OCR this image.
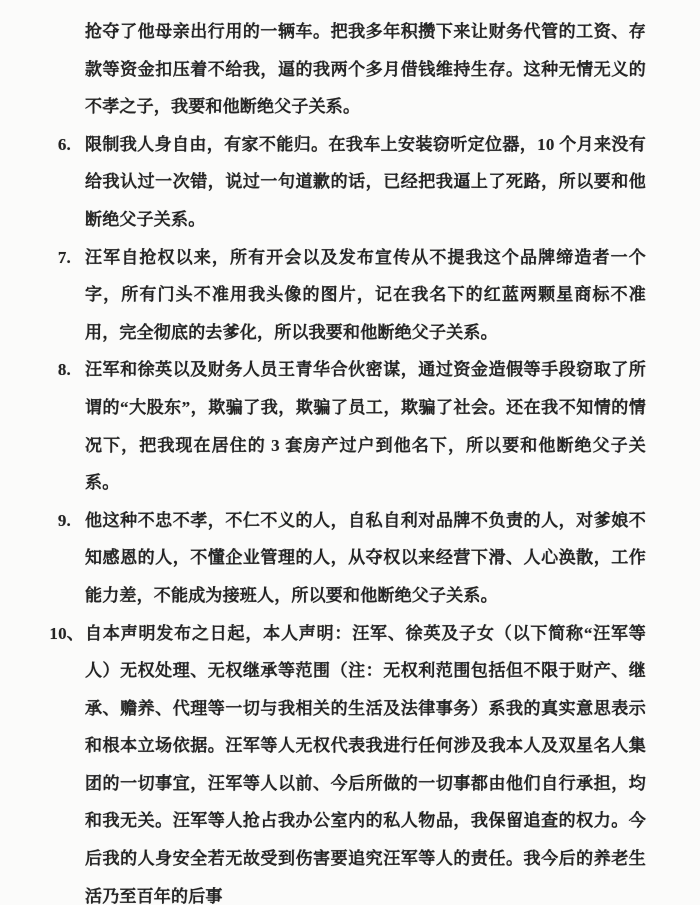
抢夺了他母亲出行用的一辆车。把我多年积攒下来让财务代管的工资、存款等资金扣压着不给我，逼的我两个多月借钱维持生存。这种无情无义的不孝之子，我要和他断绝父子关系。

6. 限制我人身自由，有家不能归。在我车上安装窃听定位器，10 个月来没有给我认过一次错，说过一句道歉的话，已经把我逼上了死路，所以要和他断绝父子关系。

7. 汪军自抢权以来，所有开会以及发布宣传从不提我这个品牌缔造者一个字，所有门头不准用我头像的图片，记在我名下的红蓝两颗星商标不准用，完全彻底的去爹化，所以我要和他断绝父子关系。

8. 汪军和徐英以及财务人员王青华合伙密谋，通过资金造假等手段窃取了所谓的“大股东”，欺骗了我，欺骗了员工，欺骗了社会。还在我不知情的情况下，把我现在居住的 3 套房产过户到他名下，所以要和他断绝父子关系。

9. 他这种不忠不孝，不仁不义的人，自私自利对品牌不负责的人，对爹娘不知感恩的人，不懂企业管理的人，从夺权以来经营下滑、人心涣散，工作能力差，不能成为接班人，所以要和他断绝父子关系。

10、 自本声明发布之日起，本人声明：汪军、徐英及子女（以下简称“汪军等人）无权处理、无权继承等范围（注：无权利范围包括但不限于财产、继承、赡养、代理等一切与我相关的生活及法律事务）系我的真实意思表示和根本立场依据。汪军等人无权代表我进行任何涉及我本人及双星名人集团的一切事宜，汪军等人以前、今后所做的一切事都由他们自行承担，均和我无关。汪军等人抢占我办公室内的私人物品，我保留追查的权力。今后我的人身安全若无故受到伤害要追究汪军等人的责任。我今后的养老生活乃至百年的后事
